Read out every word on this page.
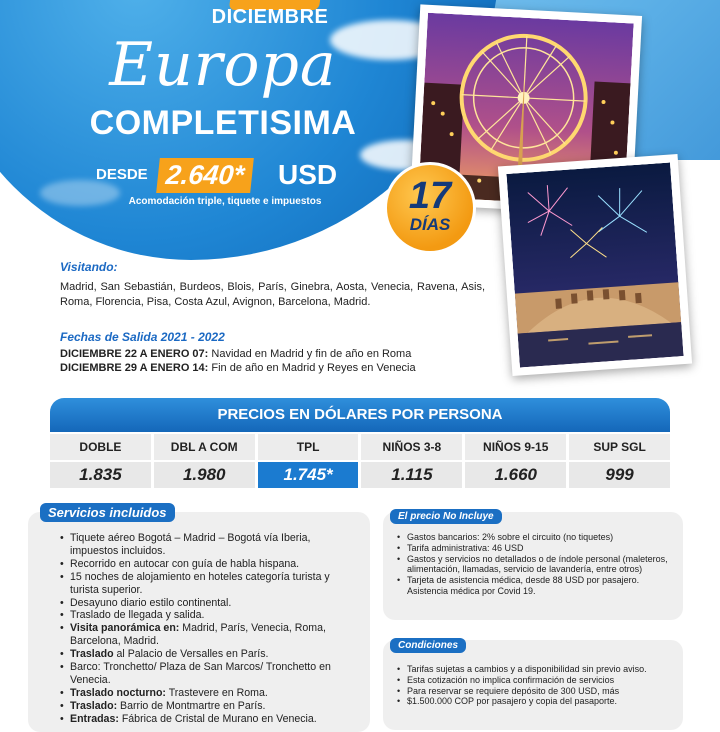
DICIEMBRE
Europa
COMPLETISIMA
DESDE 2.640* USD
Acomodación triple, tiquete e impuestos	17
DÍAS
Visitando:
Madrid, San Sebastián, Burdeos, Blois, París, Ginebra, Aosta, Venecia, Ravena, Asis, Roma, Florencia, Pisa, Costa Azul, Avignon, Barcelona, Madrid.
Fechas de Salida 2021 - 2022
DICIEMBRE 22 A ENERO 07: Navidad en Madrid y fin de año en Roma
DICIEMBRE 29 A ENERO 14: Fin de año en Madrid y Reyes en Venecia
PRECIOS EN DÓLARES POR PERSONA
DOBLE	DBL A COM	TPL	NIÑOS 3-8	NIÑOS 9-15	SUP SGL
1.835	1.980	1.745*	1.115	1.660	999
Servicios incluidos
• Tiquete aéreo Bogotá – Madrid – Bogotá vía Iberia, impuestos incluidos.
• Recorrido en autocar con guía de habla hispana.
• 15 noches de alojamiento en hoteles categoría turista y turista superior.
• Desayuno diario estilo continental.
• Traslado de llegada y salida.
• Visita panorámica en: Madrid, París, Venecia, Roma, Barcelona, Madrid.
• Traslado al Palacio de Versalles en París.
• Barco: Tronchetto/ Plaza de San Marcos/ Tronchetto en Venecia.
• Traslado nocturno: Trastevere en Roma.
• Traslado: Barrio de Montmartre en París.
• Entradas: Fábrica de Cristal de Murano en Venecia.
El precio No Incluye
• Gastos bancarios: 2% sobre el circuito (no tiquetes)
• Tarifa administrativa: 46 USD
• Gastos y servicios no detallados o de índole personal (maleteros, alimentación, llamadas, servicio de lavandería, entre otros)
• Tarjeta de asistencia médica, desde 88 USD por pasajero. Asistencia médica por Covid 19.
Condiciones
• Tarifas sujetas a cambios y a disponibilidad sin previo aviso.
• Esta cotización no implica confirmación de servicios
• Para reservar se requiere depósito de 300 USD, más
• $1.500.000 COP por pasajero y copia del pasaporte.
